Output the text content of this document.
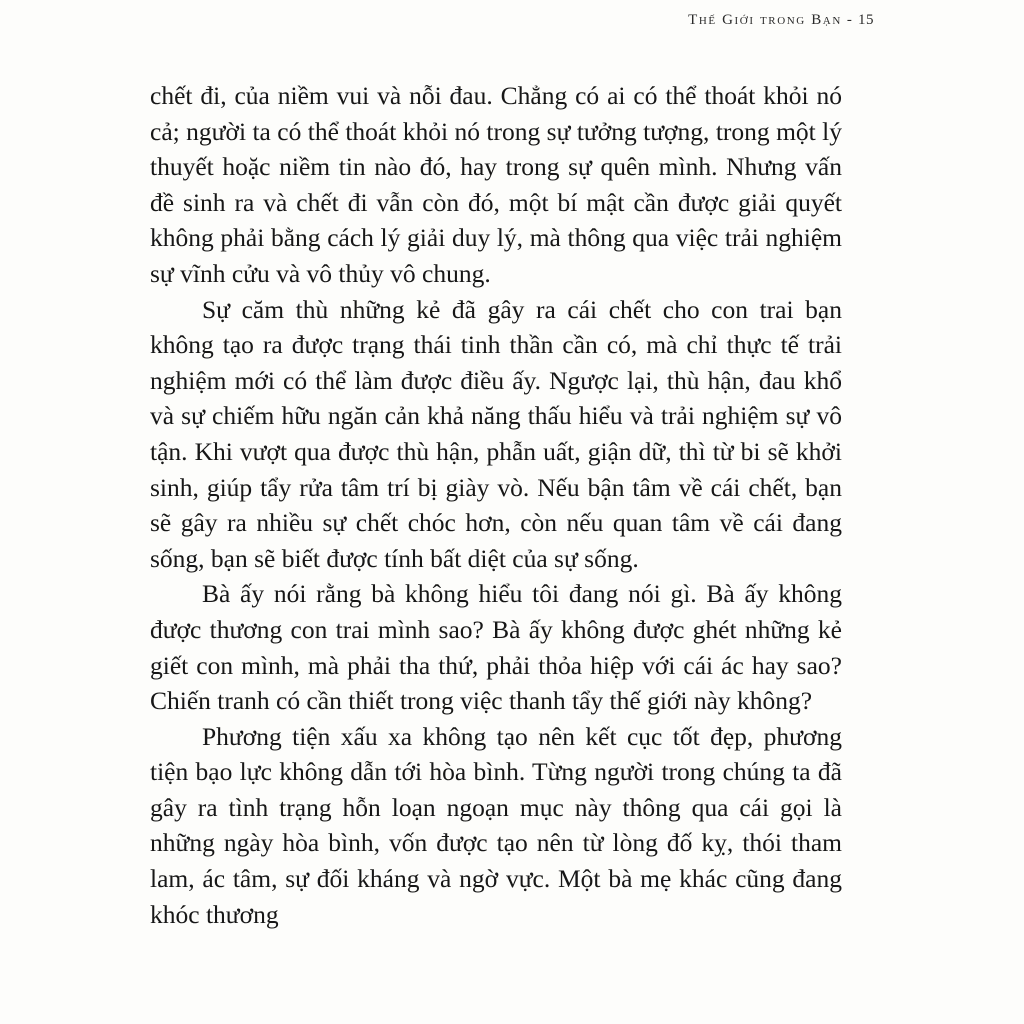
Thế Giới trong Bạn - 15

chết đi, của niềm vui và nỗi đau. Chẳng có ai có thể thoát khỏi nó cả; người ta có thể thoát khỏi nó trong sự tưởng tượng, trong một lý thuyết hoặc niềm tin nào đó, hay trong sự quên mình. Nhưng vấn đề sinh ra và chết đi vẫn còn đó, một bí mật cần được giải quyết không phải bằng cách lý giải duy lý, mà thông qua việc trải nghiệm sự vĩnh cửu và vô thủy vô chung.

Sự căm thù những kẻ đã gây ra cái chết cho con trai bạn không tạo ra được trạng thái tinh thần cần có, mà chỉ thực tế trải nghiệm mới có thể làm được điều ấy. Ngược lại, thù hận, đau khổ và sự chiếm hữu ngăn cản khả năng thấu hiểu và trải nghiệm sự vô tận. Khi vượt qua được thù hận, phẫn uất, giận dữ, thì từ bi sẽ khởi sinh, giúp tẩy rửa tâm trí bị giày vò. Nếu bận tâm về cái chết, bạn sẽ gây ra nhiều sự chết chóc hơn, còn nếu quan tâm về cái đang sống, bạn sẽ biết được tính bất diệt của sự sống.

Bà ấy nói rằng bà không hiểu tôi đang nói gì. Bà ấy không được thương con trai mình sao? Bà ấy không được ghét những kẻ giết con mình, mà phải tha thứ, phải thỏa hiệp với cái ác hay sao? Chiến tranh có cần thiết trong việc thanh tẩy thế giới này không?

Phương tiện xấu xa không tạo nên kết cục tốt đẹp, phương tiện bạo lực không dẫn tới hòa bình. Từng người trong chúng ta đã gây ra tình trạng hỗn loạn ngoạn mục này thông qua cái gọi là những ngày hòa bình, vốn được tạo nên từ lòng đố kỵ, thói tham lam, ác tâm, sự đối kháng và ngờ vực. Một bà mẹ khác cũng đang khóc thương
